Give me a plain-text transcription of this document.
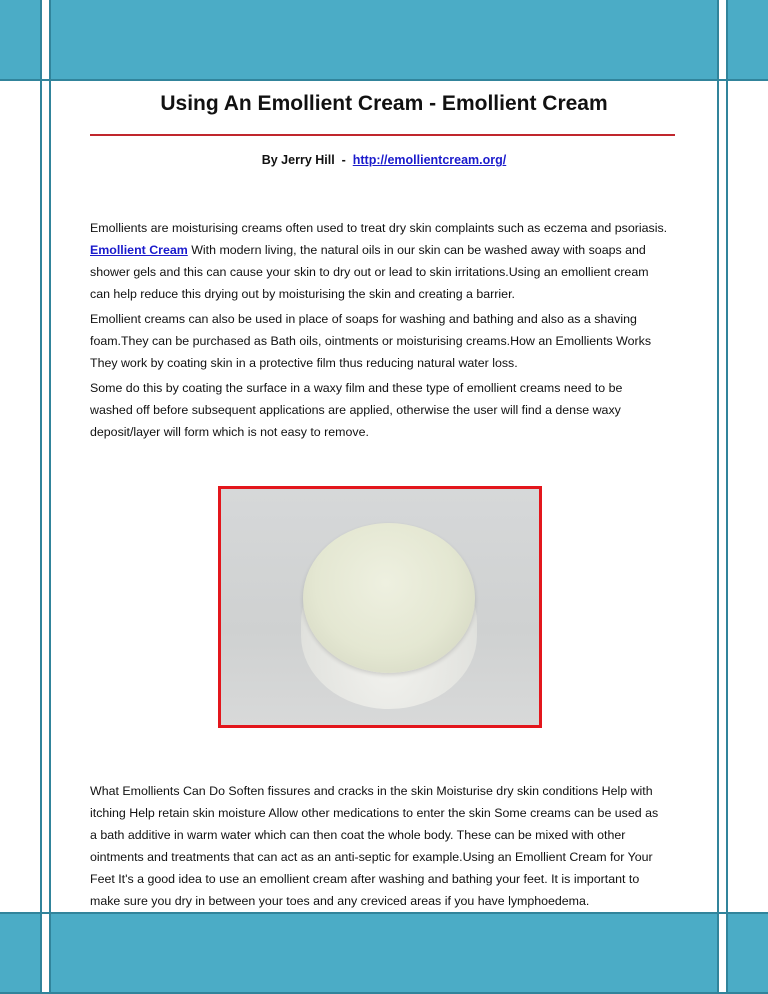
Using An Emollient Cream - Emollient Cream
By Jerry Hill  -  http://emollientcream.org/
Emollients are moisturising creams often used to treat dry skin complaints such as eczema and psoriasis.
Emollient Cream With modern living, the natural oils in our skin can be washed away with soaps and
shower gels and this can cause your skin to dry out or lead to skin irritations.Using an emollient cream
can help reduce this drying out by moisturising the skin and creating a barrier.
Emollient creams can also be used in place of soaps for washing and bathing and also as a shaving
foam.They can be purchased as Bath oils, ointments or moisturising creams.How an Emollients Works
They work by coating skin in a protective film thus reducing natural water loss.
Some do this by coating the surface in a waxy film and these type of emollient creams need to be
washed off before subsequent applications are applied, otherwise the user will find a dense waxy
deposit/layer will form which is not easy to remove.
What Emollients Can Do Soften fissures and cracks in the skin Moisturise dry skin conditions Help with
itching Help retain skin moisture Allow other medications to enter the skin Some creams can be used as
a bath additive in warm water which can then coat the whole body. These can be mixed with other
ointments and treatments that can act as an anti-septic for example.Using an Emollient Cream for Your
Feet It's a good idea to use an emollient cream after washing and bathing your feet. It is important to
make sure you dry in between your toes and any creviced areas if you have lymphoedema.
